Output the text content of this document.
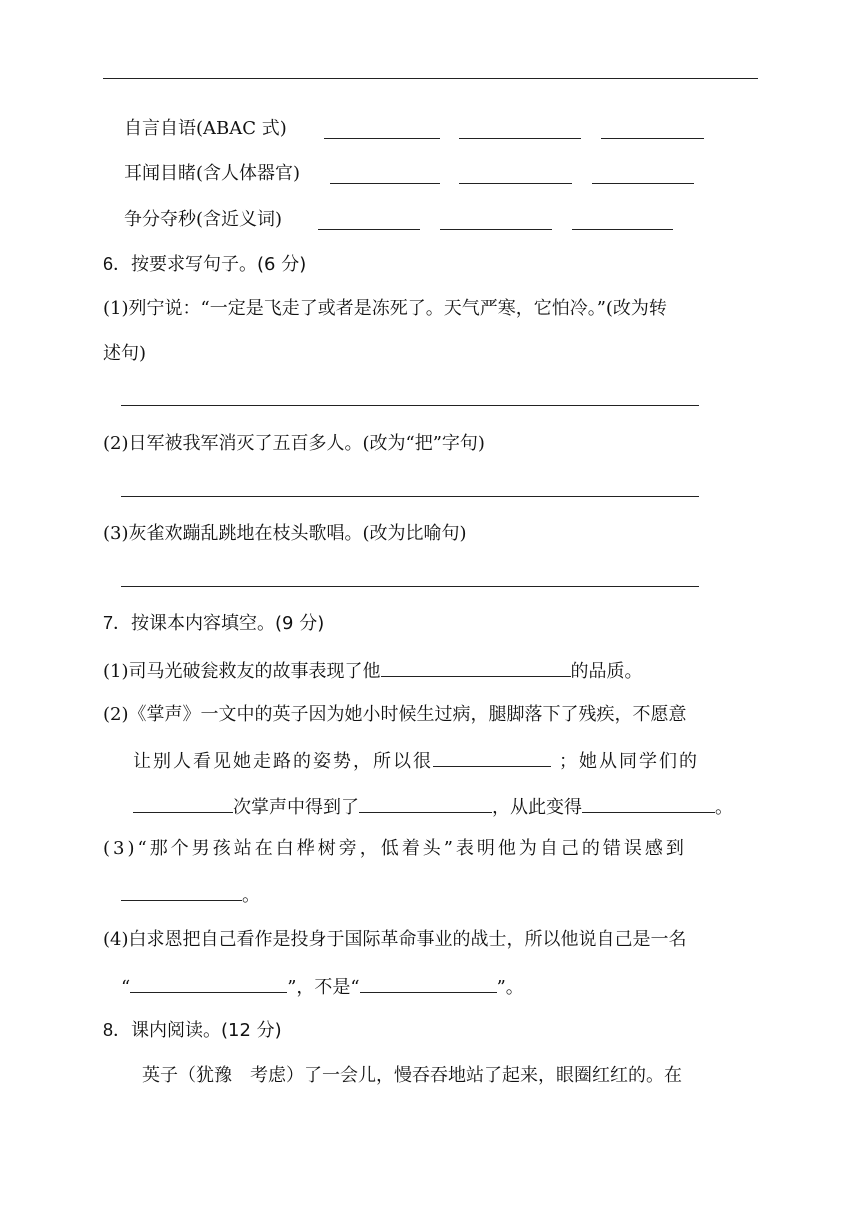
自言自语(ABAC 式)
耳闻目睹(含人体器官)
争分夺秒(含近义词)
6．按要求写句子。(6 分)
(1)列宁说：“一定是飞走了或者是冻死了。天气严寒，它怕冷。”(改为转
述句)
(2)日军被我军消灭了五百多人。(改为“把”字句)
(3)灰雀欢蹦乱跳地在枝头歌唱。(改为比喻句)
7．按课本内容填空。(9 分)
(1)司马光破瓮救友的故事表现了他	的品质。
(2)《掌声》一文中的英子因为她小时候生过病，腿脚落下了残疾，不愿意
让别人看见她走路的姿势，所以很	；她从同学们的
次掌声中得到了	，从此变得	。
(3)“那个男孩站在白桦树旁，低着头”表明他为自己的错误感到
。
(4)白求恩把自己看作是投身于国际革命事业的战士，所以他说自己是一名
“	”，不是“	”。
8．课内阅读。(12 分)
英子（犹豫　考虑）了一会儿，慢吞吞地站了起来，眼圈红红的。在
